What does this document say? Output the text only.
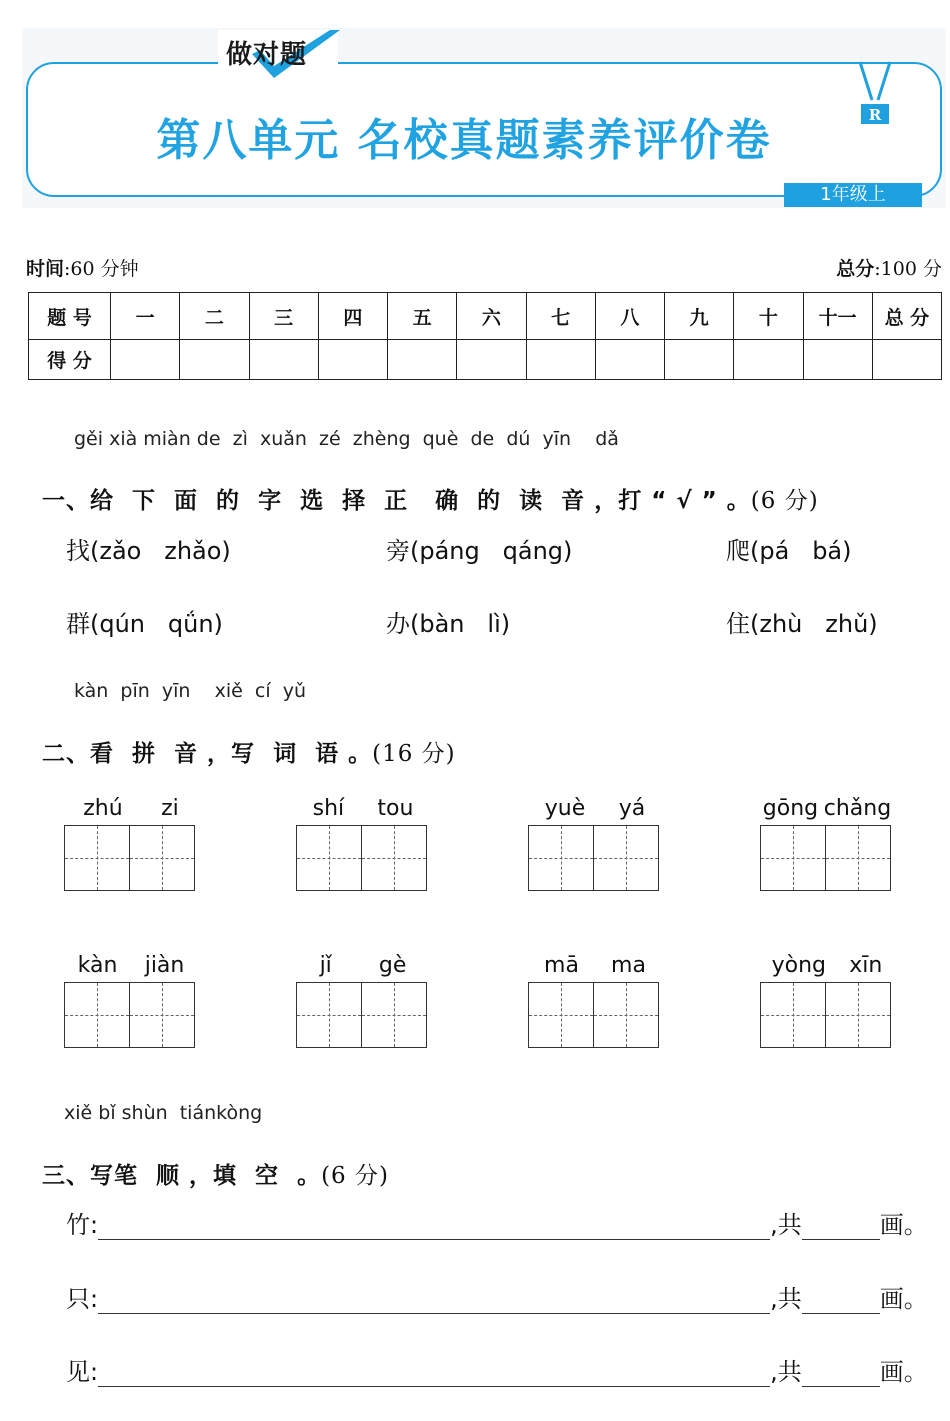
做对题
第八单元 名校真题素养评价卷	R
1年级上
时间:60 分钟	总分:100 分
题 号	一	二	三	四	五	六	七	八	九	十	十一	总 分
得 分												
gěi xià miàn de  zì  xuǎn  zé  zhèng  què  de  dú  yīn    dǎ

一、给  下  面  的  字  选  择  正   确  的  读  音 ，打 “ √ ” 。(6 分)

找(zǎo   zhǎo)	旁(páng   qáng)	爬(pá   bá)
群(qún   qǘn)	办(bàn   lì)	住(zhù   zhǔ)
kàn  pīn  yīn    xiě  cí  yǔ

二、看  拼  音 ，写  词  语 。(16 分)

zhú zi	shí tou	yuè yá	gōng chǎng
kàn jiàn	jǐ gè	mā ma	yòng xīn
xiě bǐ shùn  tiánkòng

三、写笔  顺 ，填  空  。(6 分)

竹:	,共	画。
只:	,共	画。
见:	,共	画。
